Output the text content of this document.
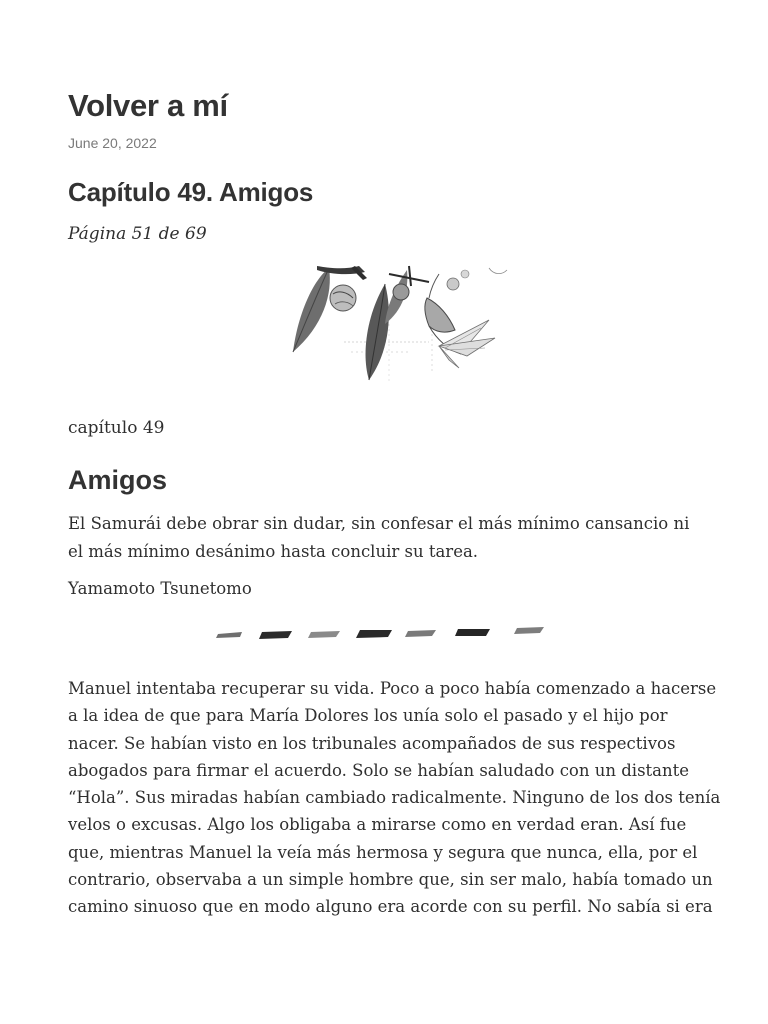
Volver a mí
June 20, 2022
Capítulo 49. Amigos
Página 51 de 69
capítulo 49
Amigos

El Samurái debe obrar sin dudar, sin confesar el más mínimo cansancio ni el más mínimo desánimo hasta concluir su tarea.

Yamamoto Tsunetomo

Manuel intentaba recuperar su vida. Poco a poco había comenzado a hacerse
a la idea de que para María Dolores los unía solo el pasado y el hijo por
nacer. Se habían visto en los tribunales acompañados de sus respectivos
abogados para firmar el acuerdo. Solo se habían saludado con un distante
“Hola”. Sus miradas habían cambiado radicalmente. Ninguno de los dos tenía
velos o excusas. Algo los obligaba a mirarse como en verdad eran. Así fue
que, mientras Manuel la veía más hermosa y segura que nunca, ella, por el
contrario, observaba a un simple hombre que, sin ser malo, había tomado un
camino sinuoso que en modo alguno era acorde con su perfil. No sabía si era
